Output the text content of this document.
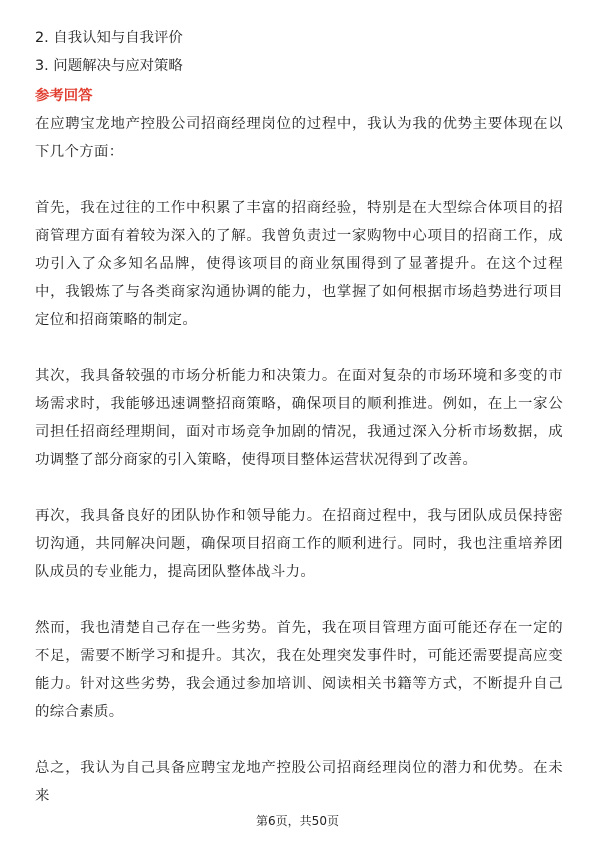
2. 自我认知与自我评价
3. 问题解决与应对策略
参考回答

在应聘宝龙地产控股公司招商经理岗位的过程中，我认为我的优势主要体现在以下几个方面：

首先，我在过往的工作中积累了丰富的招商经验，特别是在大型综合体项目的招商管理方面有着较为深入的了解。我曾负责过一家购物中心项目的招商工作，成功引入了众多知名品牌，使得该项目的商业氛围得到了显著提升。在这个过程中，我锻炼了与各类商家沟通协调的能力，也掌握了如何根据市场趋势进行项目定位和招商策略的制定。

其次，我具备较强的市场分析能力和决策力。在面对复杂的市场环境和多变的市场需求时，我能够迅速调整招商策略，确保项目的顺利推进。例如，在上一家公司担任招商经理期间，面对市场竞争加剧的情况，我通过深入分析市场数据，成功调整了部分商家的引入策略，使得项目整体运营状况得到了改善。

再次，我具备良好的团队协作和领导能力。在招商过程中，我与团队成员保持密切沟通，共同解决问题，确保项目招商工作的顺利进行。同时，我也注重培养团队成员的专业能力，提高团队整体战斗力。

然而，我也清楚自己存在一些劣势。首先，我在项目管理方面可能还存在一定的不足，需要不断学习和提升。其次，我在处理突发事件时，可能还需要提高应变能力。针对这些劣势，我会通过参加培训、阅读相关书籍等方式，不断提升自己的综合素质。

总之，我认为自己具备应聘宝龙地产控股公司招商经理岗位的潜力和优势。在未来

第6页，共50页
